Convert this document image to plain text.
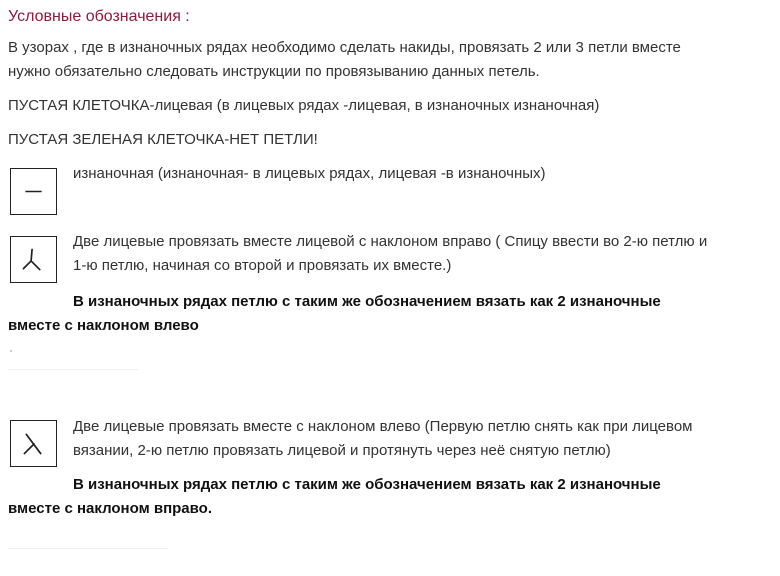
Условные обозначения :
В узорах , где в изнаночных рядах необходимо сделать накиды, провязать 2 или 3 петли вместе
нужно обязательно следовать инструкции по провязыванию данных петель.
ПУСТАЯ КЛЕТОЧКА-лицевая (в лицевых рядах -лицевая, в изнаночных изнаночная)
ПУСТАЯ ЗЕЛЕНАЯ КЛЕТОЧКА-НЕТ ПЕТЛИ!
изнаночная (изнаночная- в лицевых рядах, лицевая -в изнаночных)
Две лицевые провязать вместе лицевой с наклоном вправо ( Спицу ввести во 2-ю петлю и
1-ю петлю, начиная со второй и провязать их вместе.)
В изнаночных рядах петлю с таким же обозначением вязать как 2 изнаночные
вместе с наклоном влево
Две лицевые провязать вместе с наклоном влево (Первую петлю снять как при лицевом
вязании, 2-ю петлю провязать лицевой и протянуть через неё снятую петлю)
В изнаночных рядах петлю с таким же обозначением вязать как 2 изнаночные
вместе с наклоном вправо.
